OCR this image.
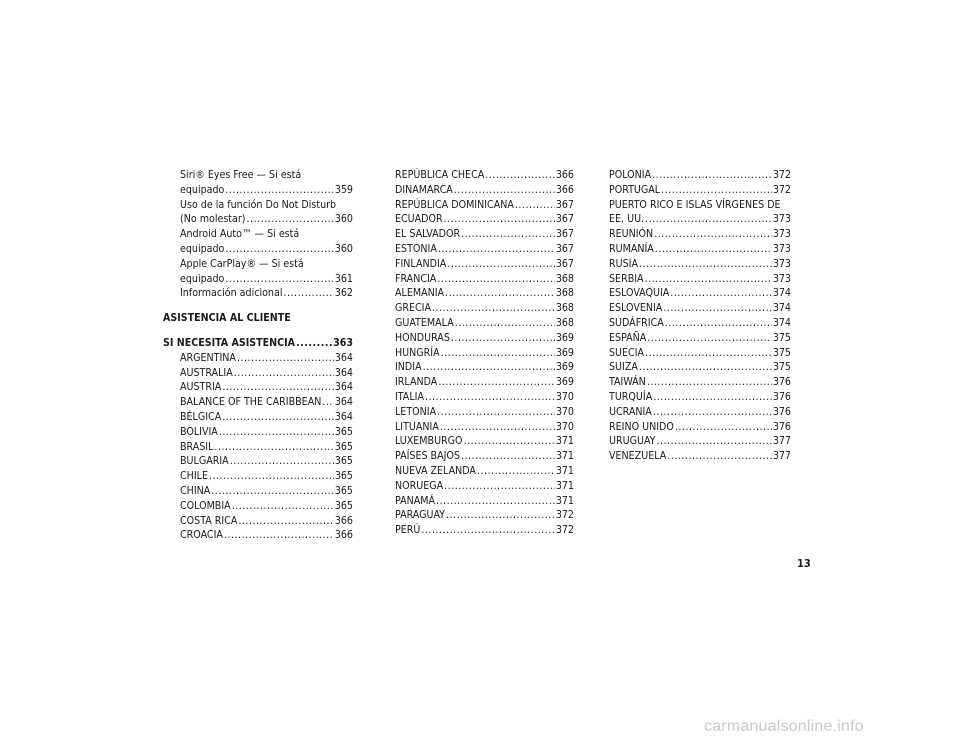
Siri® Eyes Free — Si está
equipado .....	359
Uso de la función Do Not Disturb
(No molestar) .....	360
Android Auto™ — Si está
equipado .....	360
Apple CarPlay® — Si está
equipado .....	361
Información adicional .....	362
ASISTENCIA AL CLIENTE
SI NECESITA ASISTENCIA .....	363
ARGENTINA .....	364
AUSTRALIA .....	364
AUSTRIA .....	364
BALANCE OF THE CARIBBEAN ..... 364
BÉLGICA .....	364
BOLIVIA .....	365
BRASIL .....	365
BULGARIA .....	365
CHILE .....	365
CHINA .....	365
COLOMBIA .....	365
COSTA RICA .....	366
CROACIA .....	366
REPÚBLICA CHECA .....	366
DINAMARCA .....	366
REPÚBLICA DOMINICANA .....	367
ECUADOR .....	367
EL SALVADOR .....	367
ESTONIA .....	367
FINLANDIA .....	367
FRANCIA .....	368
ALEMANIA .....	368
GRECIA .....	368
GUATEMALA .....	368
HONDURAS .....	369
HUNGRÍA .....	369
INDIA .....	369
IRLANDA .....	369
ITALIA .....	370
LETONIA .....	370
LITUANIA .....	370
LUXEMBURGO .....	371
PAÍSES BAJOS .....	371
NUEVA ZELANDA .....	371
NORUEGA .....	371
PANAMÁ .....	371
PARAGUAY .....	372
PERÚ .....	372
POLONIA .....	372
PORTUGAL .....	372
PUERTO RICO E ISLAS VÍRGENES DE
EE. UU. .....	373
REUNIÓN .....	373
RUMANÍA .....	373
RUSIA .....	373
SERBIA .....	373
ESLOVAQUIA .....	374
ESLOVENIA .....	374
SUDÁFRICA .....	374
ESPAÑA .....	375
SUECIA .....	375
SUIZA .....	375
TAIWÁN .....	376
TURQUÍA .....	376
UCRANIA .....	376
REINO UNIDO .....	376
URUGUAY .....	377
VENEZUELA .....	377
13
carmanualsonline.info
